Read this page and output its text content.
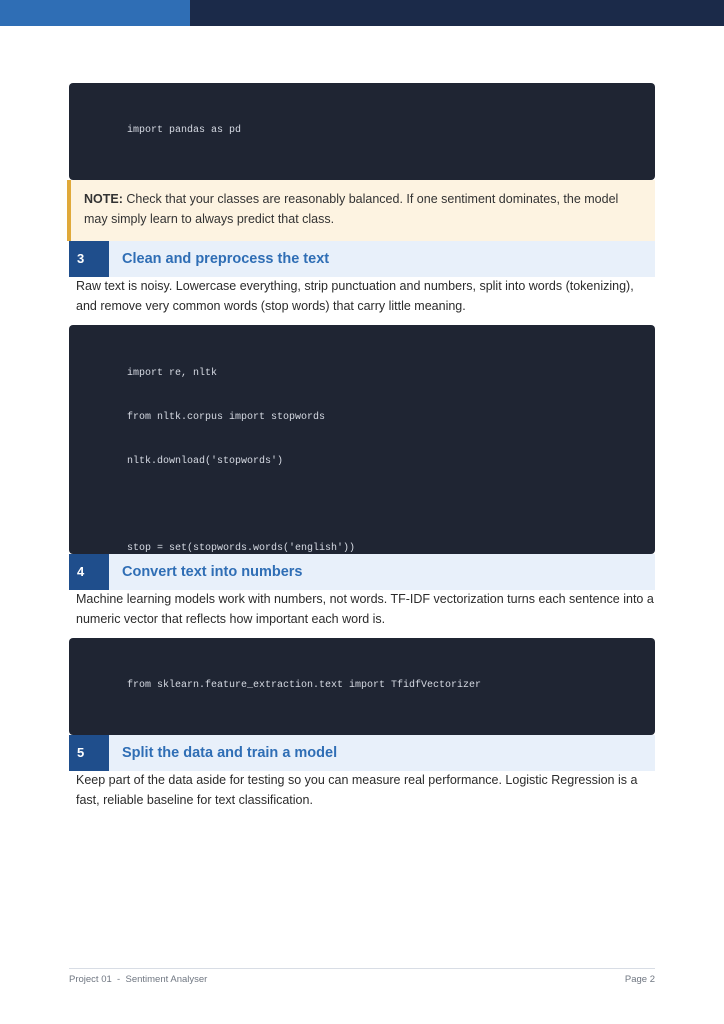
import pandas as pd

NOTE: Check that your classes are reasonably balanced. If one sentiment dominates, the model may simply learn to always predict that class.
3	Clean and preprocess the text
Raw text is noisy. Lowercase everything, strip punctuation and numbers, split into words (tokenizing), and remove very common words (stop words) that carry little meaning.

import re, nltk

from nltk.corpus import stopwords

nltk.download('stopwords')

stop = set(stopwords.words('english'))

4	Convert text into numbers
Machine learning models work with numbers, not words. TF-IDF vectorization turns each sentence into a numeric vector that reflects how important each word is.

from sklearn.feature_extraction.text import TfidfVectorizer

5	Split the data and train a model
Keep part of the data aside for testing so you can measure real performance. Logistic Regression is a fast, reliable baseline for text classification.
Project 01  -  Sentiment Analyser	Page 2
